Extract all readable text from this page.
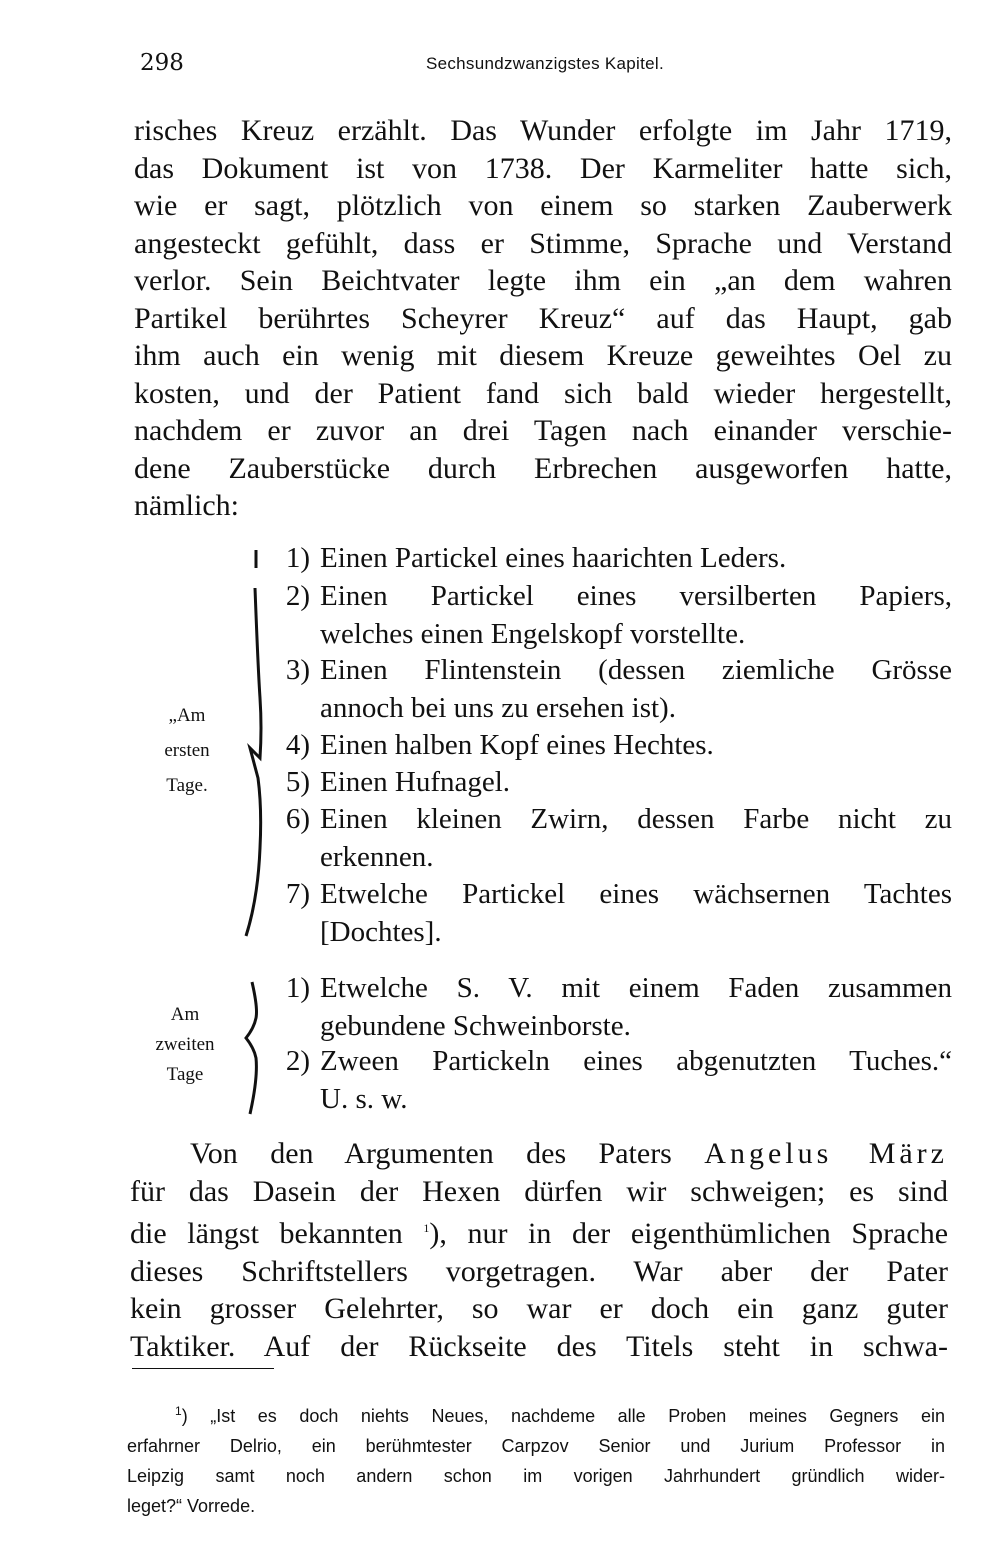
298	Sechsundzwanzigstes Kapitel.
risches Kreuz erzählt. Das Wunder erfolgte im Jahr 1719,
das Dokument ist von 1738. Der Karmeliter hatte sich,
wie er sagt, plötzlich von einem so starken Zauberwerk
angesteckt gefühlt, dass er Stimme, Sprache und Verstand
verlor. Sein Beichtvater legte ihm ein „an dem wahren
Partikel berührtes Scheyrer Kreuz“ auf das Haupt, gab
ihm auch ein wenig mit diesem Kreuze geweihtes Oel zu
kosten, und der Patient fand sich bald wieder hergestellt,
nachdem er zuvor an drei Tagen nach einander verschie-
dene Zauberstücke durch Erbrechen ausgeworfen hatte,
nämlich:
„Am
ersten
Tage.
1) Einen Partickel eines haarichten Leders.
2) Einen Partickel eines versilberten Papiers,
welches einen Engelskopf vorstellte.
3) Einen Flintenstein (dessen ziemliche Grösse
annoch bei uns zu ersehen ist).
4) Einen halben Kopf eines Hechtes.
5) Einen Hufnagel.
6) Einen kleinen Zwirn, dessen Farbe nicht zu
erkennen.
7) Etwelche Partickel eines wächsernen Tachtes
[Dochtes].
Am
zweiten
Tage
1) Etwelche S. V. mit einem Faden zusammen
gebundene Schweinborste.
2) Zween Partickeln eines abgenutzten Tuches.“
U. s. w.
Von den Argumenten des Paters Angelus März
für das Dasein der Hexen dürfen wir schweigen; es sind
die längst bekannten $^1$), nur in der eigenthümlichen Sprache
dieses Schriftstellers vorgetragen. War aber der Pater
kein grosser Gelehrter, so war er doch ein ganz guter
Taktiker. Auf der Rückseite des Titels steht in schwa-
$^1$) „Ist es doch niehts Neues, nachdeme alle Proben meines Gegners ein
erfahrner Delrio, ein berühmtester Carpzov Senior und Jurium Professor in
Leipzig samt noch andern schon im vorigen Jahrhundert gründlich wider-
leget?“ Vorrede.
